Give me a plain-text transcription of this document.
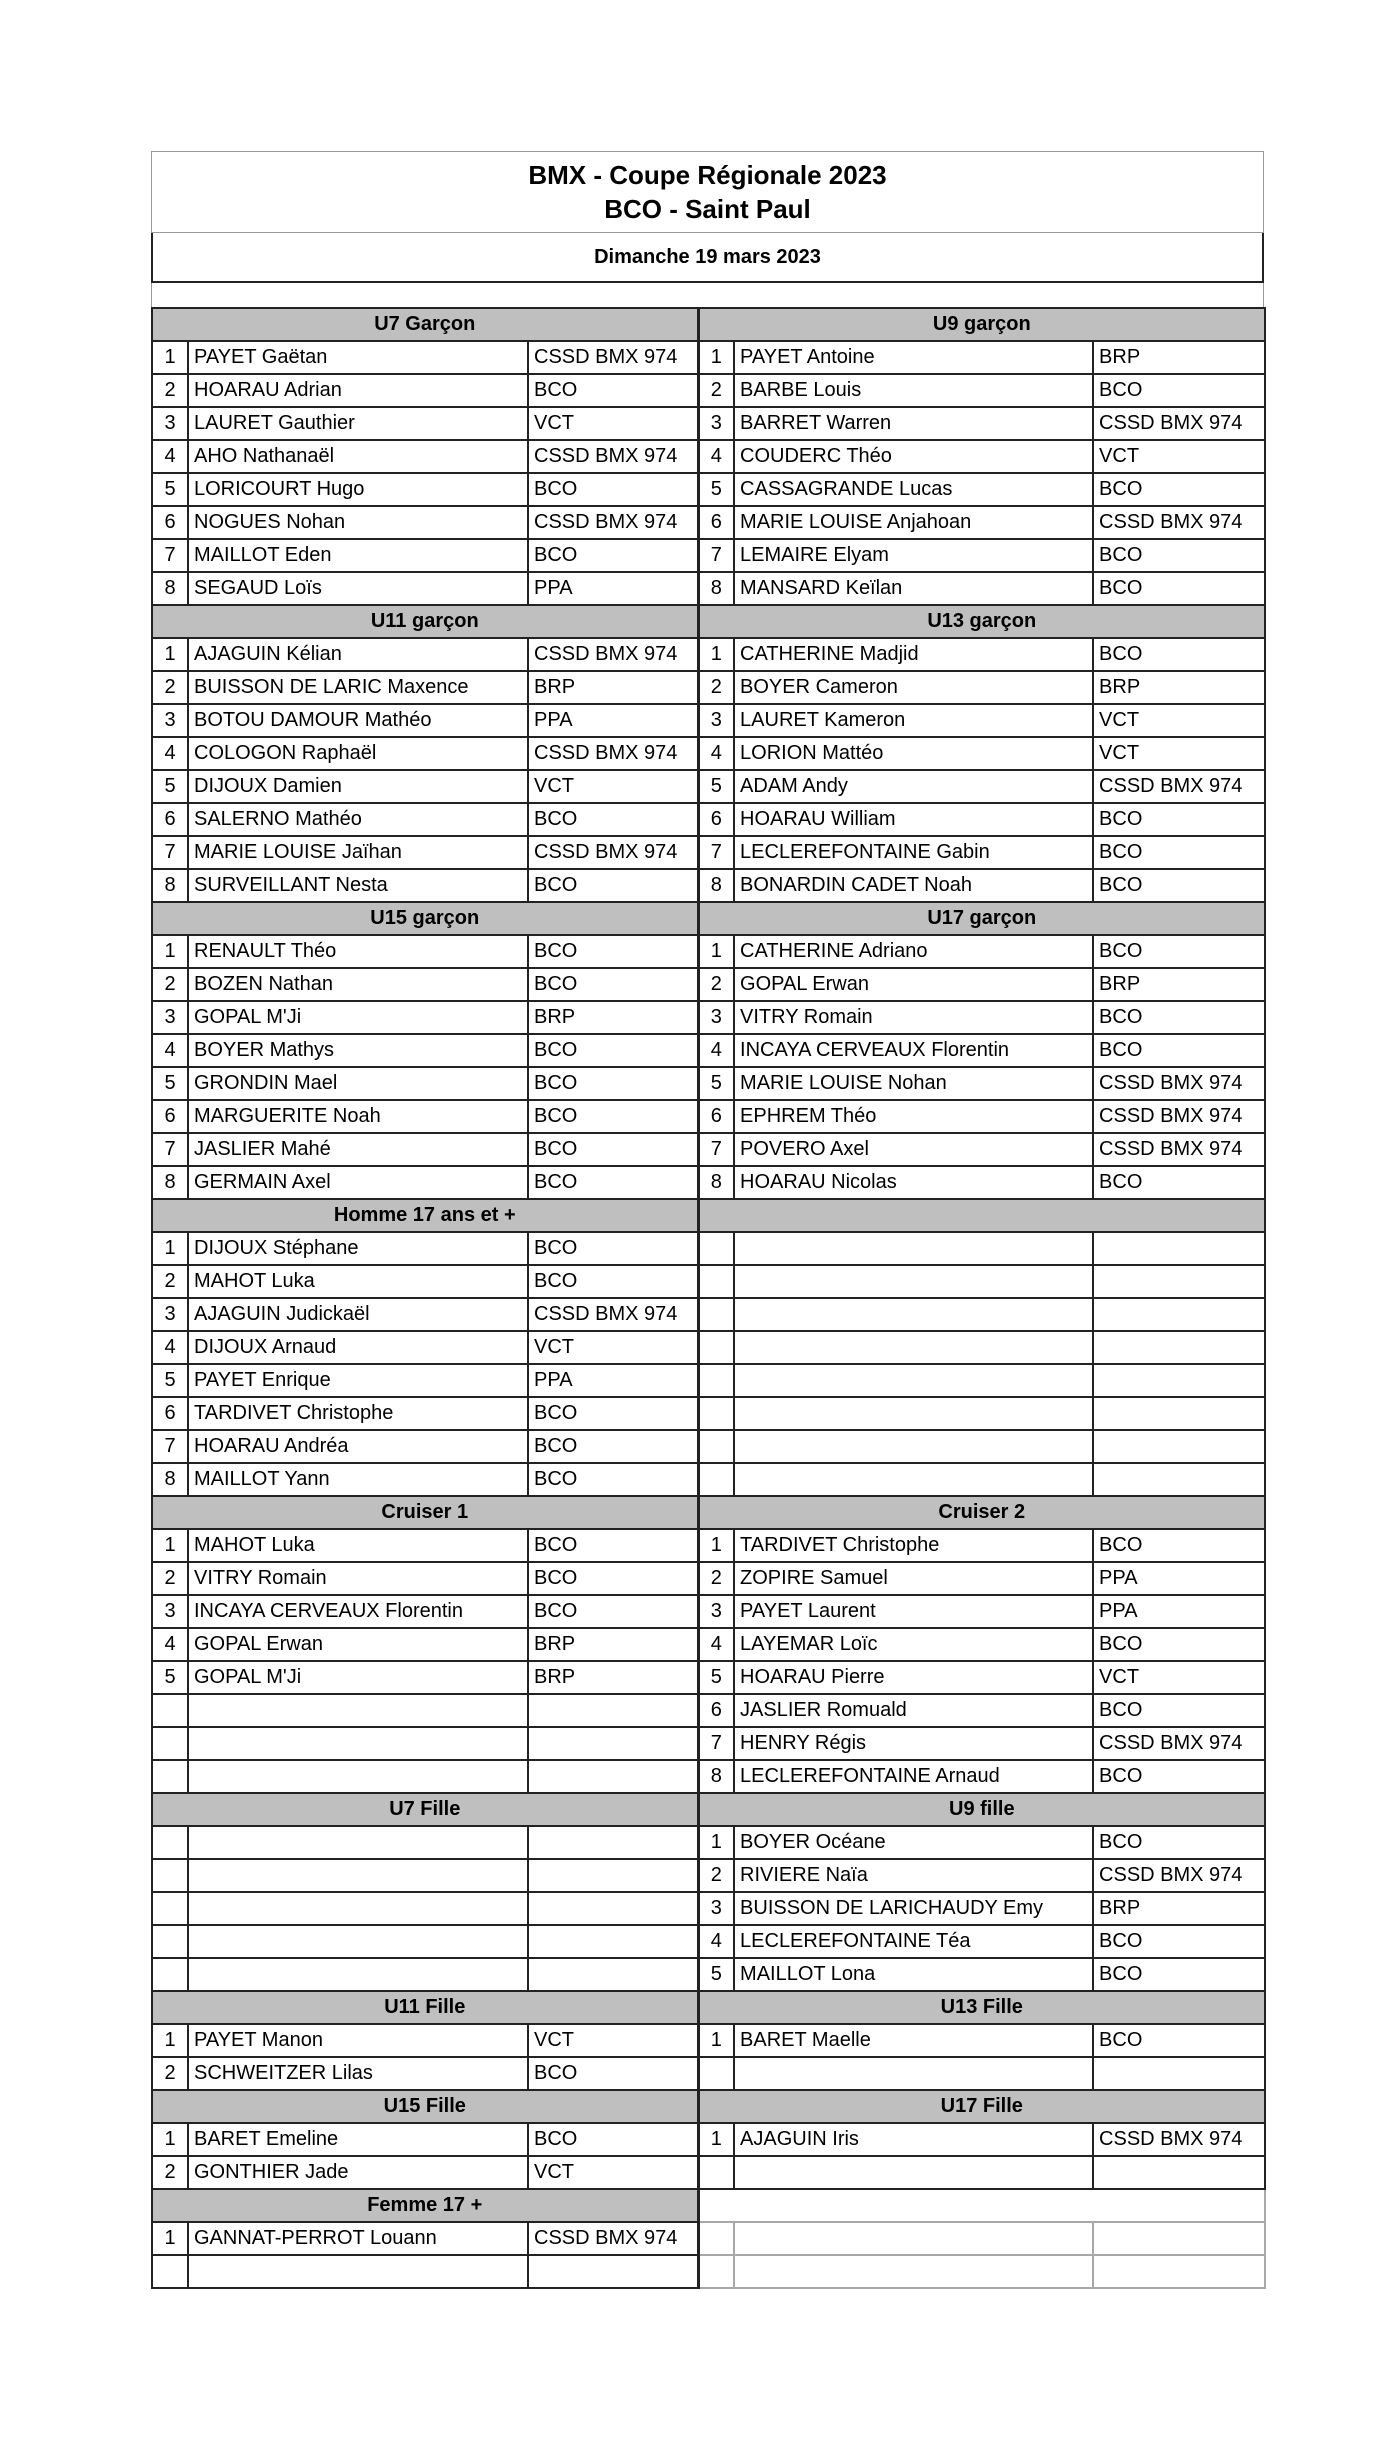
BMX - Coupe Régionale 2023
BCO - Saint Paul
Dimanche 19 mars 2023
U7 Garçon			U9 garçon		
1	PAYET Gaëtan	CSSD BMX 974	1	PAYET Antoine	BRP
2	HOARAU Adrian	BCO	2	BARBE Louis	BCO
3	LAURET Gauthier	VCT	3	BARRET Warren	CSSD BMX 974
4	AHO Nathanaël	CSSD BMX 974	4	COUDERC Théo	VCT
5	LORICOURT Hugo	BCO	5	CASSAGRANDE Lucas	BCO
6	NOGUES Nohan	CSSD BMX 974	6	MARIE LOUISE Anjahoan	CSSD BMX 974
7	MAILLOT Eden	BCO	7	LEMAIRE Elyam	BCO
8	SEGAUD Loïs	PPA	8	MANSARD Keïlan	BCO
U11 garçon			U13 garçon		
1	AJAGUIN Kélian	CSSD BMX 974	1	CATHERINE Madjid	BCO
2	BUISSON DE LARIC Maxence	BRP	2	BOYER Cameron	BRP
3	BOTOU DAMOUR Mathéo	PPA	3	LAURET Kameron	VCT
4	COLOGON Raphaël	CSSD BMX 974	4	LORION Mattéo	VCT
5	DIJOUX Damien	VCT	5	ADAM Andy	CSSD BMX 974
6	SALERNO Mathéo	BCO	6	HOARAU William	BCO
7	MARIE LOUISE Jaïhan	CSSD BMX 974	7	LECLEREFONTAINE Gabin	BCO
8	SURVEILLANT Nesta	BCO	8	BONARDIN CADET Noah	BCO
U15 garçon			U17 garçon		
1	RENAULT Théo	BCO	1	CATHERINE Adriano	BCO
2	BOZEN Nathan	BCO	2	GOPAL Erwan	BRP
3	GOPAL M'Ji	BRP	3	VITRY Romain	BCO
4	BOYER Mathys	BCO	4	INCAYA CERVEAUX Florentin	BCO
5	GRONDIN Mael	BCO	5	MARIE LOUISE Nohan	CSSD BMX 974
6	MARGUERITE Noah	BCO	6	EPHREM Théo	CSSD BMX 974
7	JASLIER Mahé	BCO	7	POVERO Axel	CSSD BMX 974
8	GERMAIN Axel	BCO	8	HOARAU Nicolas	BCO
Homme 17 ans et +					
1	DIJOUX Stéphane	BCO			
2	MAHOT Luka	BCO			
3	AJAGUIN Judickaël	CSSD BMX 974			
4	DIJOUX Arnaud	VCT			
5	PAYET Enrique	PPA			
6	TARDIVET Christophe	BCO			
7	HOARAU Andréa	BCO			
8	MAILLOT Yann	BCO			
Cruiser 1			Cruiser 2		
1	MAHOT Luka	BCO	1	TARDIVET Christophe	BCO
2	VITRY Romain	BCO	2	ZOPIRE Samuel	PPA
3	INCAYA CERVEAUX Florentin	BCO	3	PAYET Laurent	PPA
4	GOPAL Erwan	BRP	4	LAYEMAR Loïc	BCO
5	GOPAL M'Ji	BRP	5	HOARAU Pierre	VCT
			6	JASLIER Romuald	BCO
			7	HENRY Régis	CSSD BMX 974
			8	LECLEREFONTAINE Arnaud	BCO
U7 Fille			U9 fille		
			1	BOYER Océane	BCO
			2	RIVIERE Naïa	CSSD BMX 974
			3	BUISSON DE LARICHAUDY Emy	BRP
			4	LECLEREFONTAINE Téa	BCO
			5	MAILLOT Lona	BCO
U11 Fille			U13 Fille		
1	PAYET Manon	VCT	1	BARET Maelle	BCO
2	SCHWEITZER Lilas	BCO			
U15 Fille			U17 Fille		
1	BARET Emeline	BCO	1	AJAGUIN Iris	CSSD BMX 974
2	GONTHIER Jade	VCT			
Femme 17 +					
1	GANNAT-PERROT Louann	CSSD BMX 974			
